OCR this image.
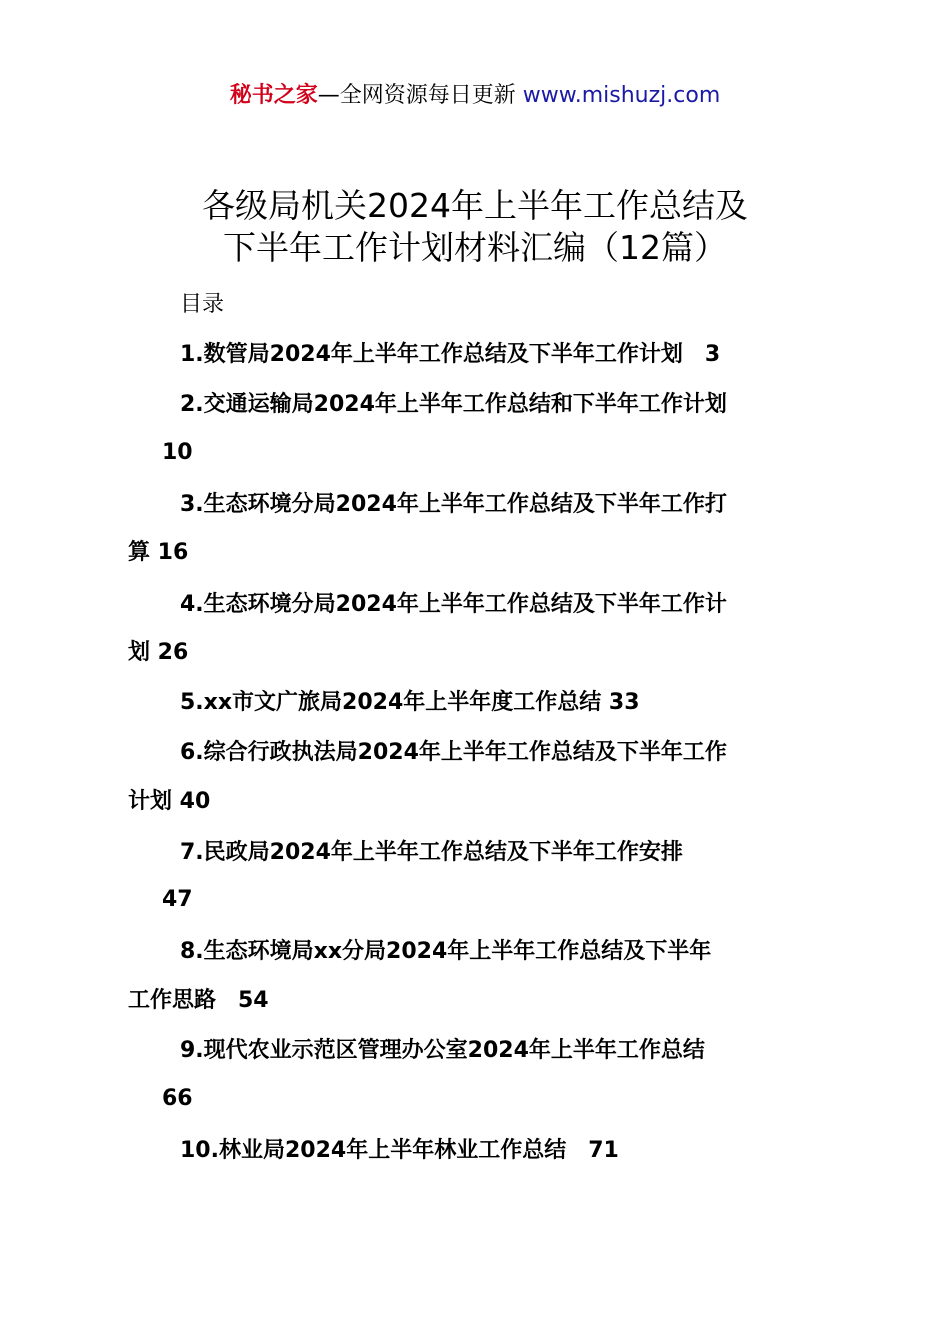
秘书之家—全网资源每日更新 www.mishuzj.com
各级局机关2024年上半年工作总结及
下半年工作计划材料汇编（12篇）
目录
1.数管局2024年上半年工作总结及下半年工作计划　3
2.交通运输局2024年上半年工作总结和下半年工作计划
10
3.生态环境分局2024年上半年工作总结及下半年工作打
算 16
4.生态环境分局2024年上半年工作总结及下半年工作计
划 26
5.xx市文广旅局2024年上半年度工作总结 33
6.综合行政执法局2024年上半年工作总结及下半年工作
计划 40
7.民政局2024年上半年工作总结及下半年工作安排
47
8.生态环境局xx分局2024年上半年工作总结及下半年
工作思路　54
9.现代农业示范区管理办公室2024年上半年工作总结
66
10.林业局2024年上半年林业工作总结　71
